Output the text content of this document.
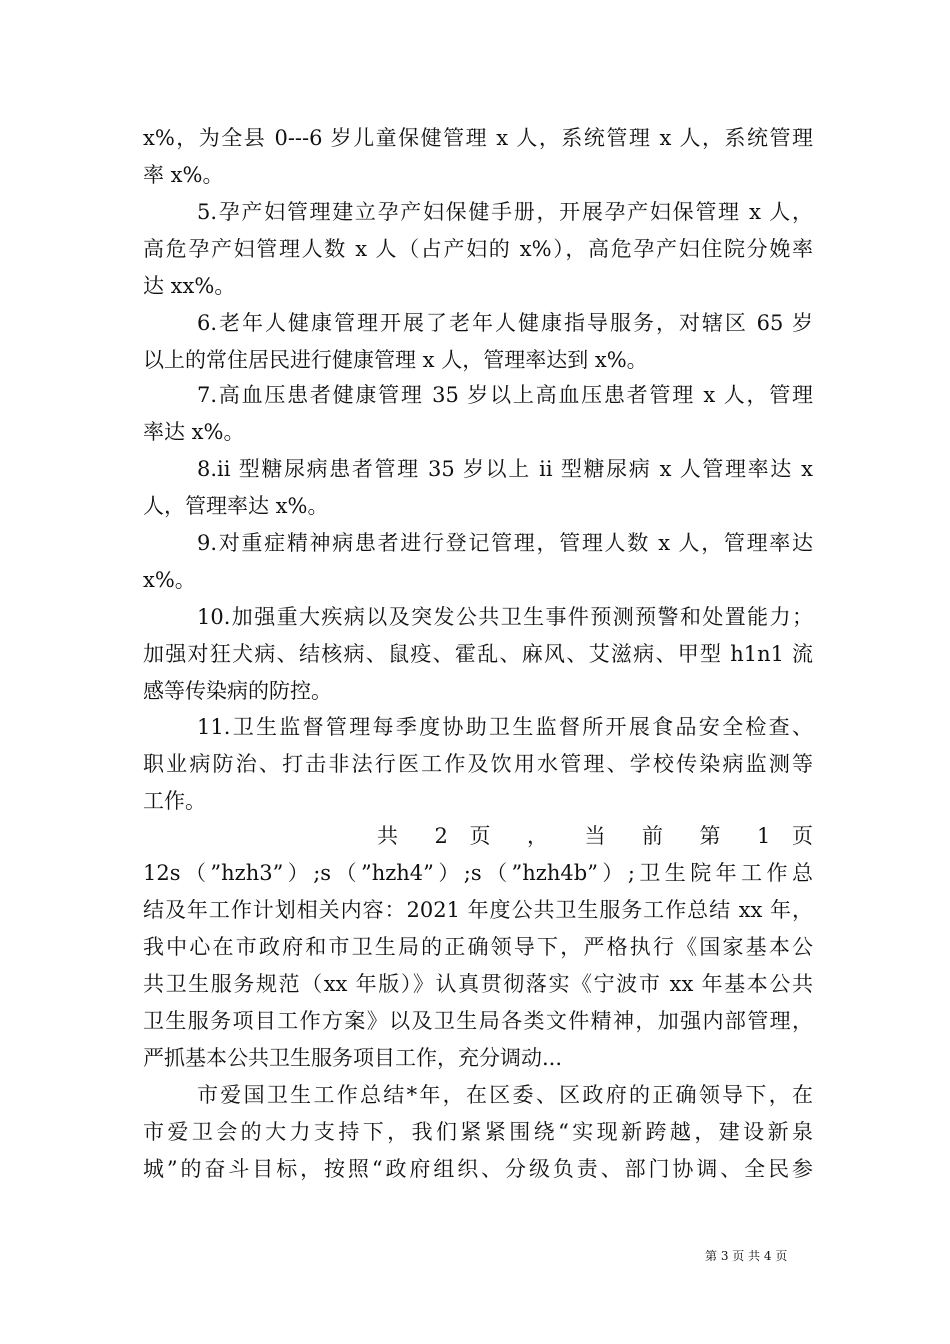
x%，为全县 0---6 岁儿童保健管理 x 人，系统管理 x 人，系统管理
率 x%。
5.孕产妇管理建立孕产妇保健手册，开展孕产妇保管理 x 人，
高危孕产妇管理人数 x 人（占产妇的 x%），高危孕产妇住院分娩率
达 xx%。
6.老年人健康管理开展了老年人健康指导服务，对辖区 65 岁
以上的常住居民进行健康管理 x 人，管理率达到 x%。
7.高血压患者健康管理 35 岁以上高血压患者管理 x 人，管理
率达 x%。
8.ii 型糖尿病患者管理 35 岁以上 ii 型糖尿病 x 人管理率达 x
人，管理率达 x%。
9.对重症精神病患者进行登记管理，管理人数 x 人，管理率达
x%。
10.加强重大疾病以及突发公共卫生事件预测预警和处置能力；
加强对狂犬病、结核病、鼠疫、霍乱、麻风、艾滋病、甲型 h1n1 流
感等传染病的防控。
11.卫生监督管理每季度协助卫生监督所开展食品安全检查、
职业病防治、打击非法行医工作及饮用水管理、学校传染病监测等
工作。
共 2 页 ， 当 前 第 1 页
12s（”hzh3”）;s（”hzh4”）;s（”hzh4b”）;卫生院年工作总
结及年工作计划相关内容：2021 年度公共卫生服务工作总结 xx 年，
我中心在市政府和市卫生局的正确领导下，严格执行《国家基本公
共卫生服务规范（xx 年版）》认真贯彻落实《宁波市 xx 年基本公共
卫生服务项目工作方案》以及卫生局各类文件精神，加强内部管理，
严抓基本公共卫生服务项目工作，充分调动...
市爱国卫生工作总结*年，在区委、区政府的正确领导下，在
市爱卫会的大力支持下，我们紧紧围绕“实现新跨越，建设新泉
城”的奋斗目标，按照“政府组织、分级负责、部门协调、全民参
第 3 页 共 4 页
